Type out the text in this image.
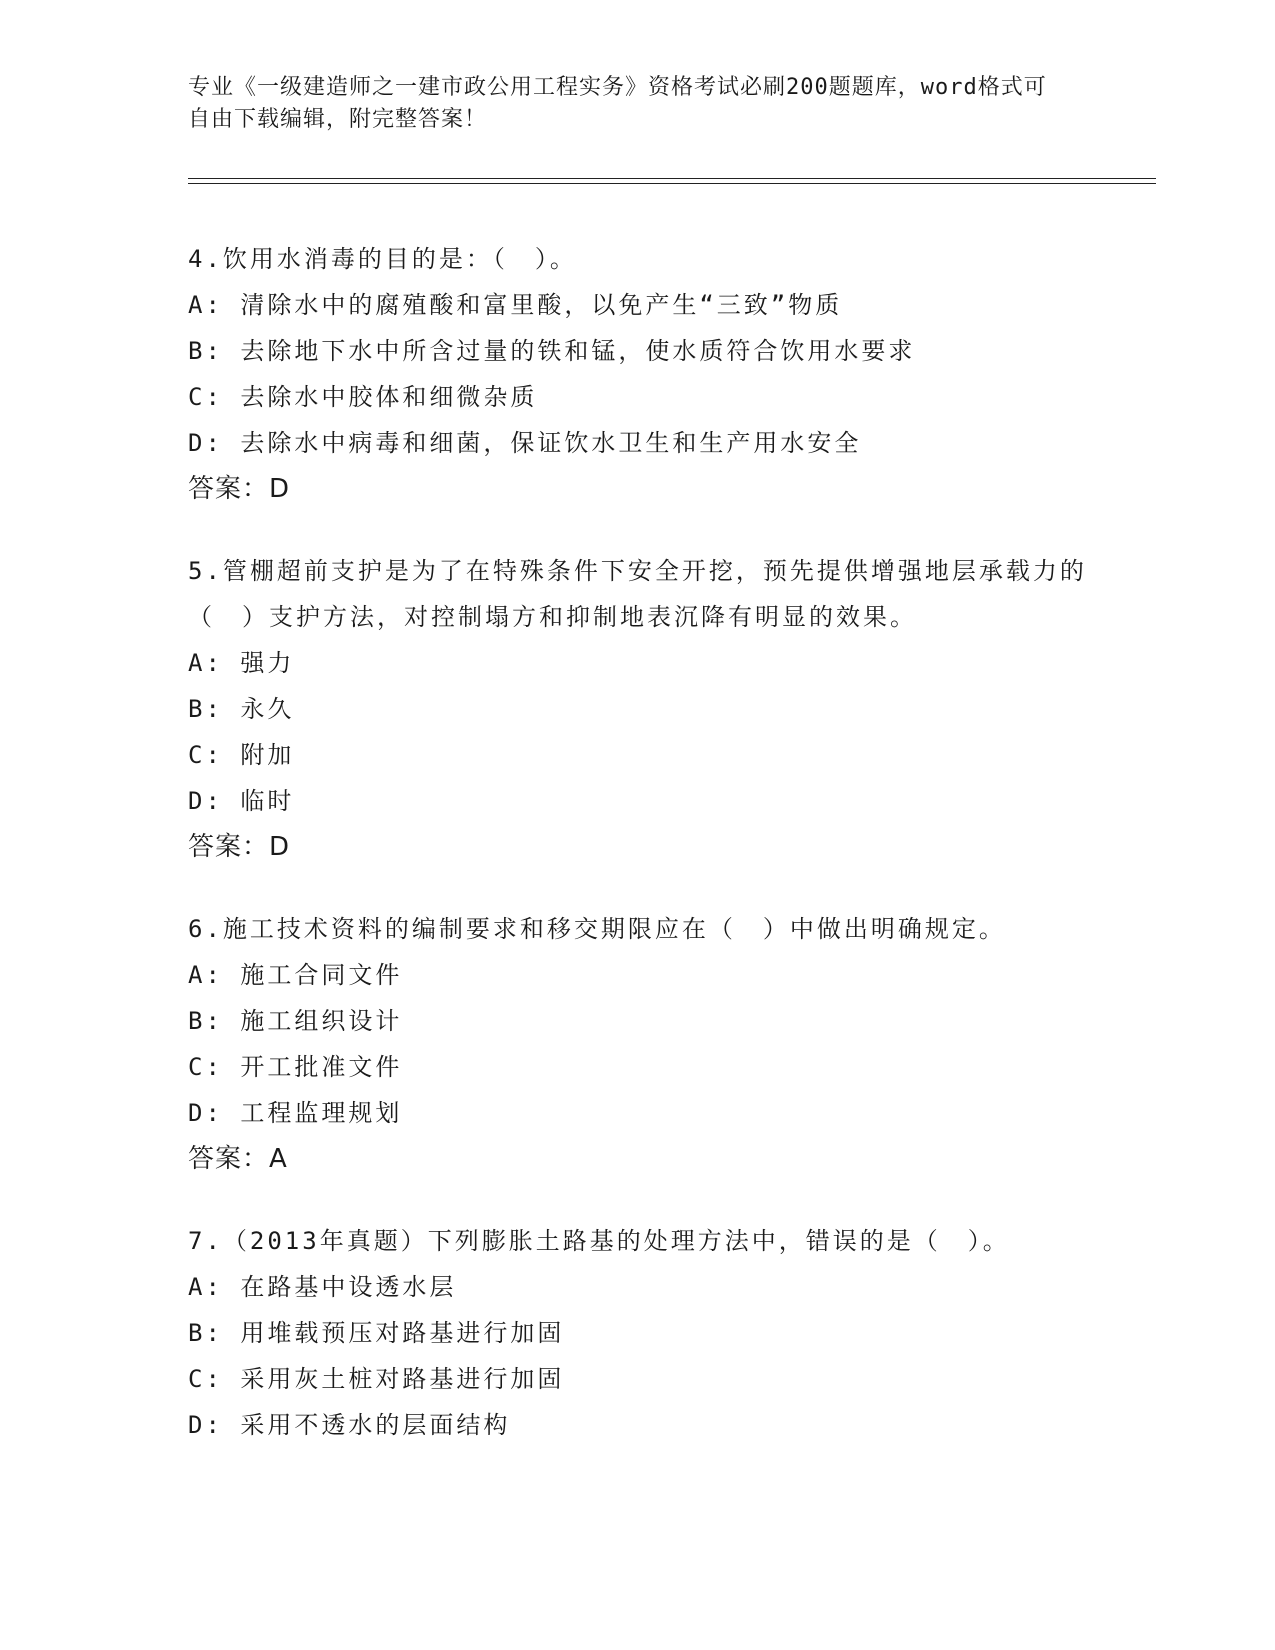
专业《一级建造师之一建市政公用工程实务》资格考试必刷200题题库，word格式可自由下载编辑，附完整答案！
4.饮用水消毒的目的是：（　）。
A: 清除水中的腐殖酸和富里酸，以免产生“三致”物质
B: 去除地下水中所含过量的铁和锰，使水质符合饮用水要求
C: 去除水中胶体和细微杂质
D: 去除水中病毒和细菌，保证饮水卫生和生产用水安全
答案：D
5.管棚超前支护是为了在特殊条件下安全开挖，预先提供增强地层承载力的（　）支护方法，对控制塌方和抑制地表沉降有明显的效果。
A: 强力
B: 永久
C: 附加
D: 临时
答案：D
6.施工技术资料的编制要求和移交期限应在（　）中做出明确规定。
A: 施工合同文件
B: 施工组织设计
C: 开工批准文件
D: 工程监理规划
答案：A
7.（2013年真题）下列膨胀土路基的处理方法中，错误的是（　）。
A: 在路基中设透水层
B: 用堆载预压对路基进行加固
C: 采用灰土桩对路基进行加固
D: 采用不透水的层面结构
